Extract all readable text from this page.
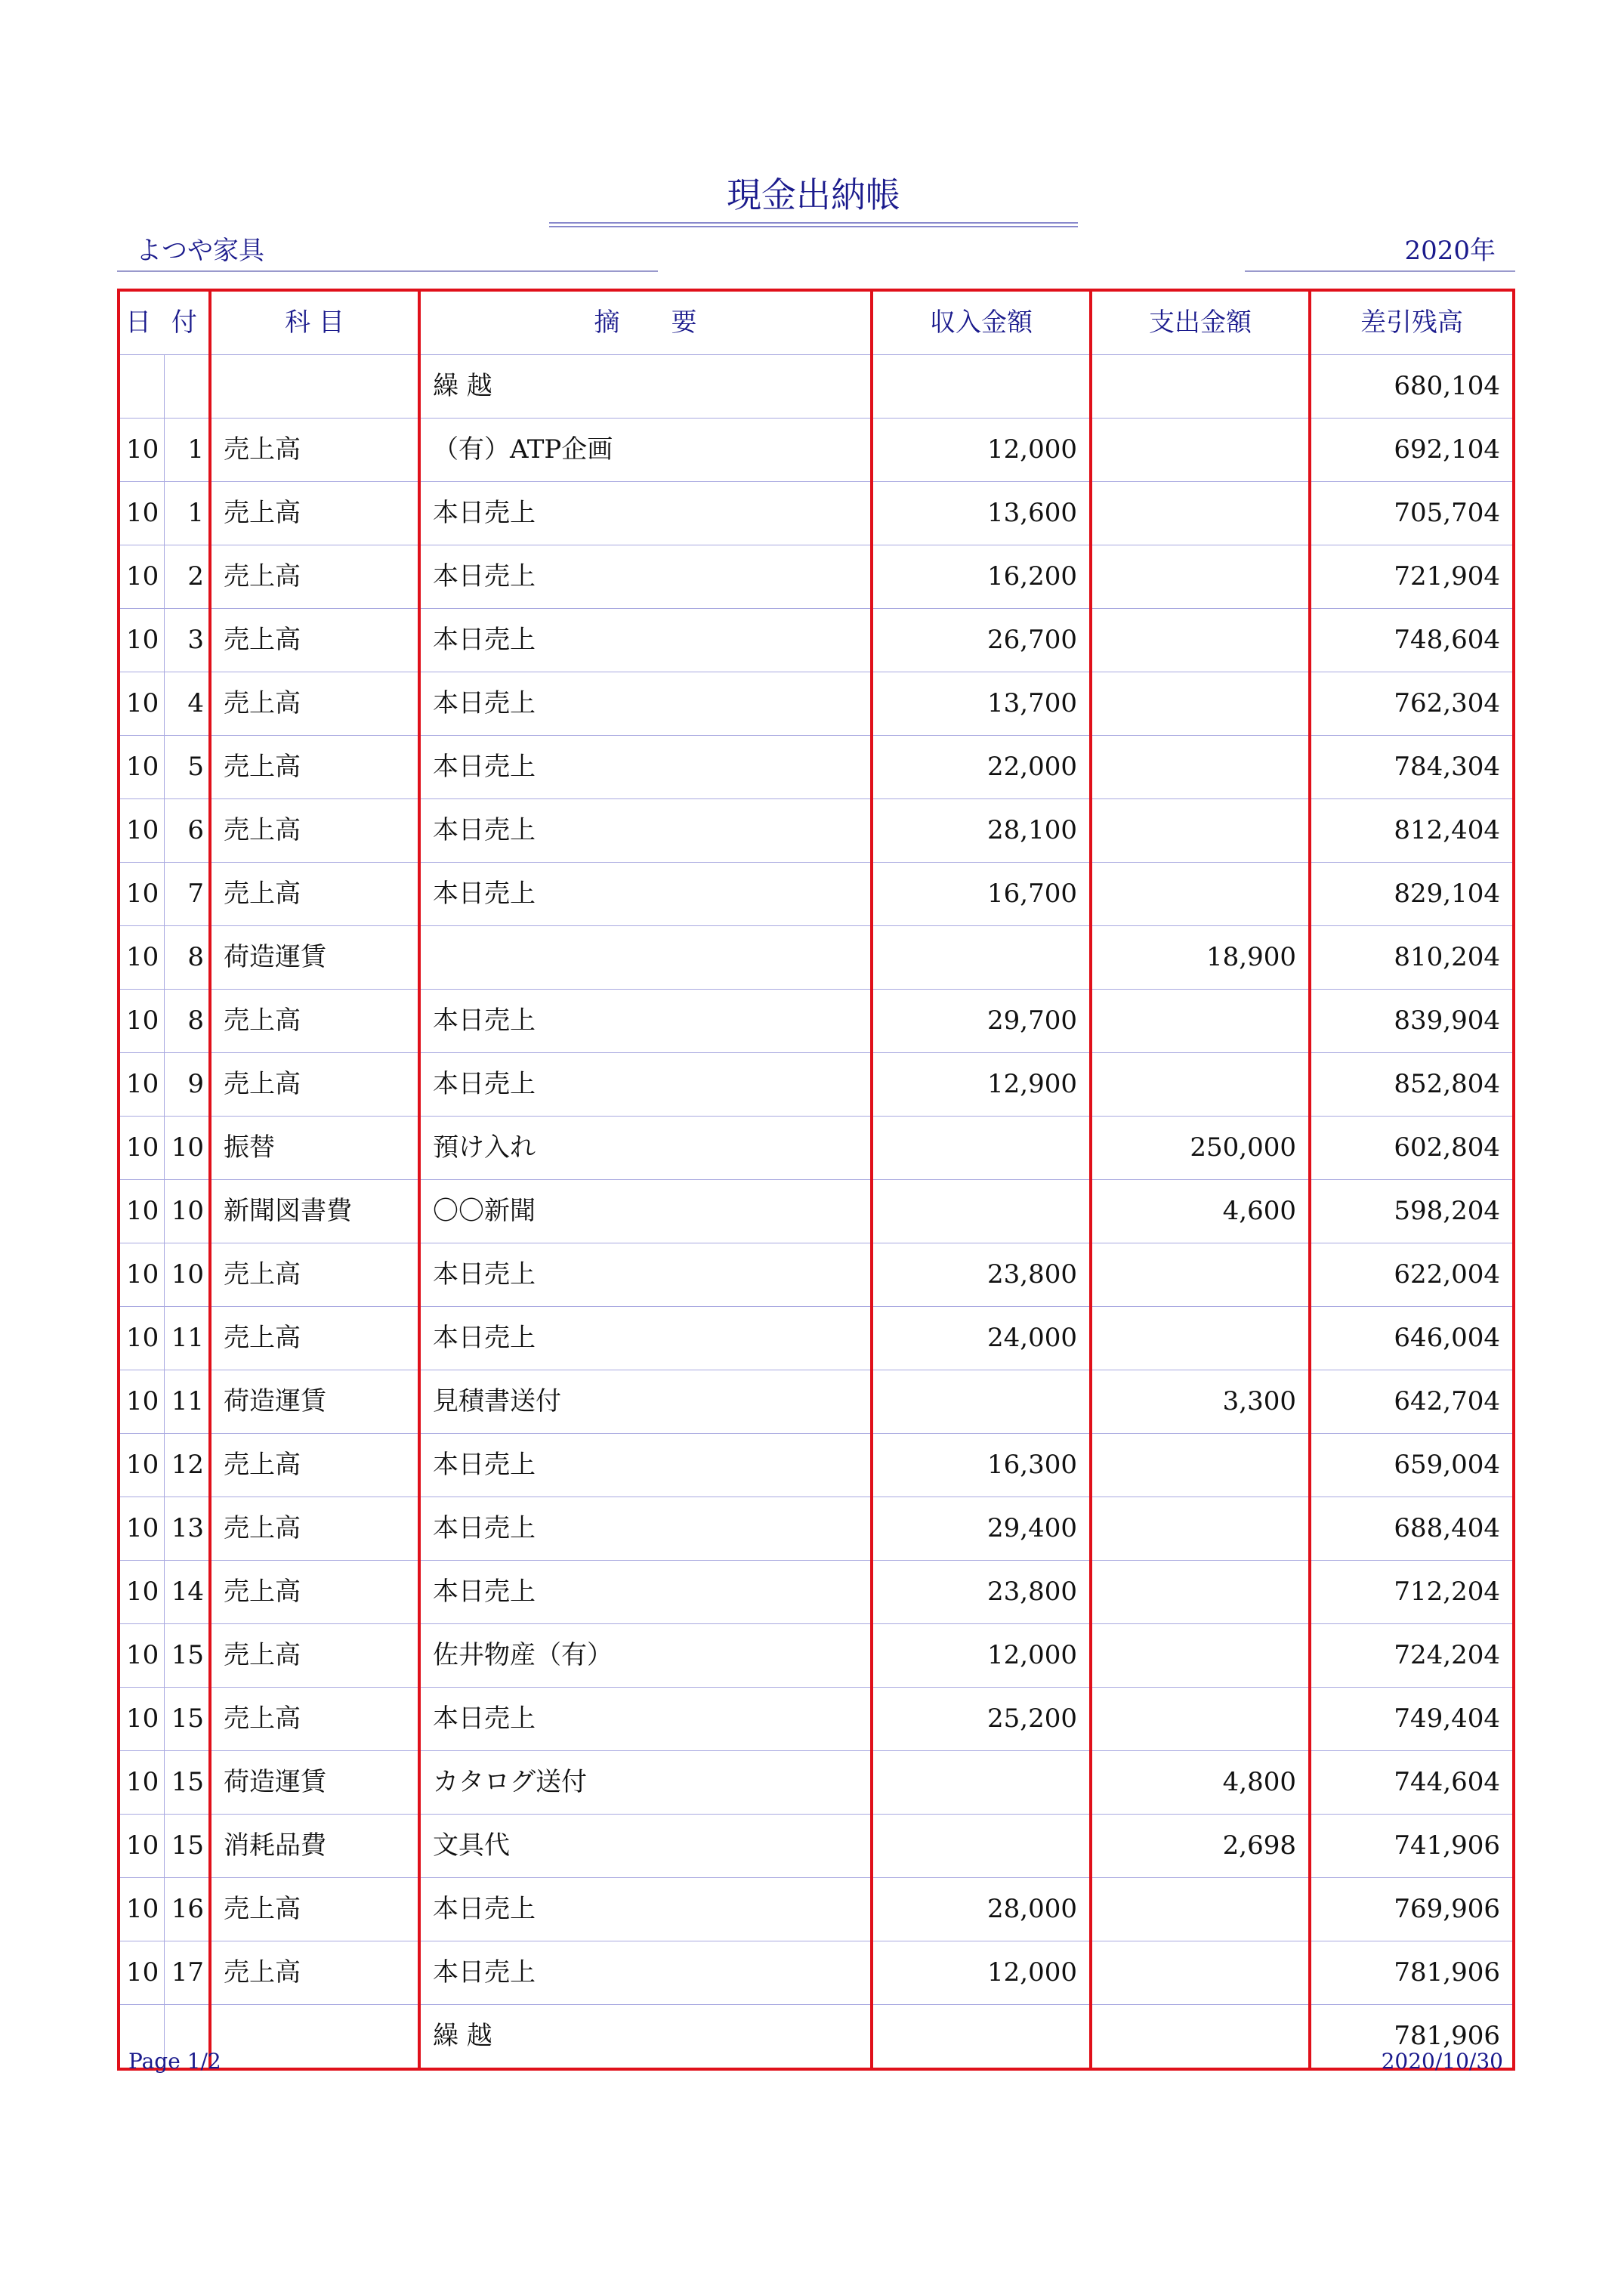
現金出納帳
よつや家具	2020年
日 付		科 目	摘　　要	収入金額	支出金額	差引残高
			繰 越			680,104
10	1	売上高	（有）ATP企画	12,000		692,104
10	1	売上高	本日売上	13,600		705,704
10	2	売上高	本日売上	16,200		721,904
10	3	売上高	本日売上	26,700		748,604
10	4	売上高	本日売上	13,700		762,304
10	5	売上高	本日売上	22,000		784,304
10	6	売上高	本日売上	28,100		812,404
10	7	売上高	本日売上	16,700		829,104
10	8	荷造運賃			18,900	810,204
10	8	売上高	本日売上	29,700		839,904
10	9	売上高	本日売上	12,900		852,804
10	10	振替	預け入れ		250,000	602,804
10	10	新聞図書費	〇〇新聞		4,600	598,204
10	10	売上高	本日売上	23,800		622,004
10	11	売上高	本日売上	24,000		646,004
10	11	荷造運賃	見積書送付		3,300	642,704
10	12	売上高	本日売上	16,300		659,004
10	13	売上高	本日売上	29,400		688,404
10	14	売上高	本日売上	23,800		712,204
10	15	売上高	佐井物産（有）	12,000		724,204
10	15	売上高	本日売上	25,200		749,404
10	15	荷造運賃	カタログ送付		4,800	744,604
10	15	消耗品費	文具代		2,698	741,906
10	16	売上高	本日売上	28,000		769,906
10	17	売上高	本日売上	12,000		781,906
			繰 越			781,906
Page 1/2	2020/10/30
